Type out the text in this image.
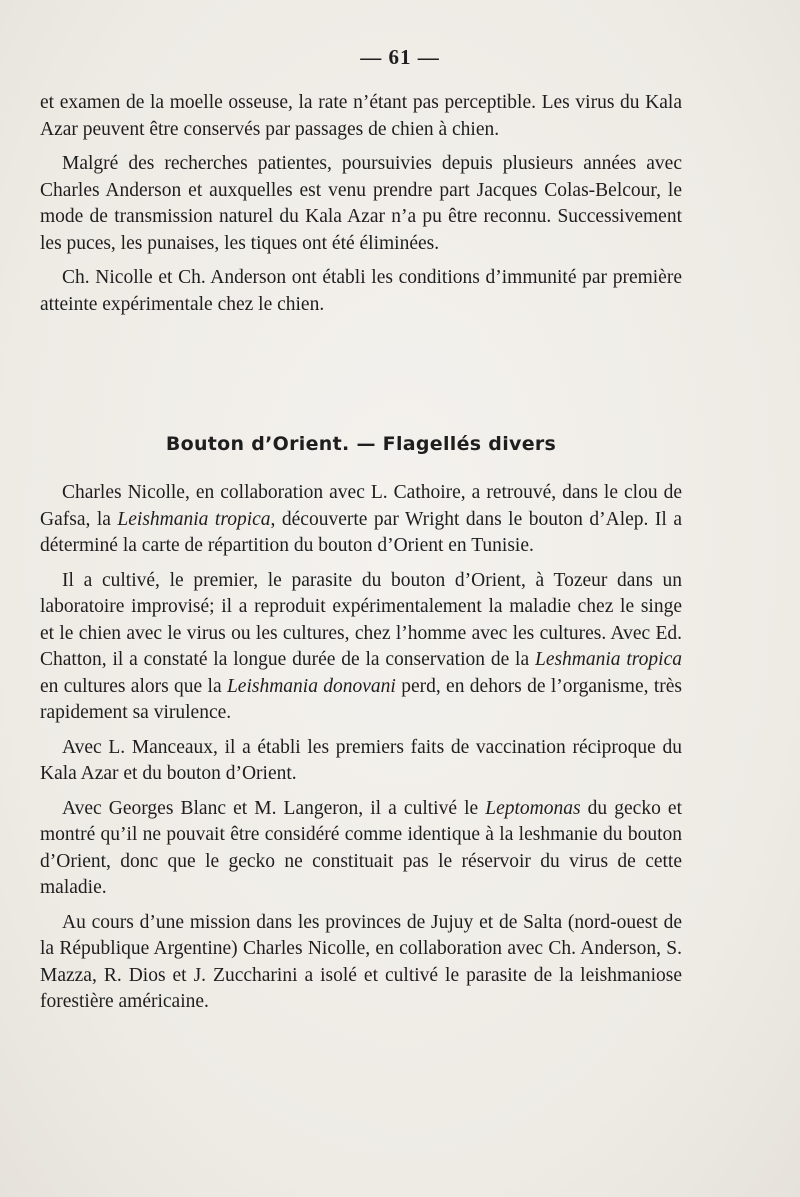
— 61 —

et examen de la moelle osseuse, la rate n’étant pas perceptible. Les virus du Kala Azar peuvent être conservés par passages de chien à chien.

Malgré des recherches patientes, poursuivies depuis plusieurs années avec Charles Anderson et auxquelles est venu prendre part Jacques Colas-Belcour, le mode de transmission naturel du Kala Azar n’a pu être reconnu. Successivement les puces, les punaises, les tiques ont été éliminées.

Ch. Nicolle et Ch. Anderson ont établi les conditions d’immunité par première atteinte expérimentale chez le chien.

Bouton d’Orient. — Flagellés divers

Charles Nicolle, en collaboration avec L. Cathoire, a retrouvé, dans le clou de Gafsa, la Leishmania tropica, découverte par Wright dans le bouton d’Alep. Il a déterminé la carte de répartition du bouton d’Orient en Tunisie.

Il a cultivé, le premier, le parasite du bouton d’Orient, à Tozeur dans un laboratoire improvisé; il a reproduit expérimentalement la maladie chez le singe et le chien avec le virus ou les cultures, chez l’homme avec les cultures. Avec Ed. Chatton, il a constaté la longue durée de la conservation de la Leshmania tropica en cultures alors que la Leishmania donovani perd, en dehors de l’organisme, très rapidement sa virulence.

Avec L. Manceaux, il a établi les premiers faits de vaccination réciproque du Kala Azar et du bouton d’Orient.

Avec Georges Blanc et M. Langeron, il a cultivé le Leptomonas du gecko et montré qu’il ne pouvait être considéré comme identique à la leshmanie du bouton d’Orient, donc que le gecko ne constituait pas le réservoir du virus de cette maladie.

Au cours d’une mission dans les provinces de Jujuy et de Salta (nord-ouest de la République Argentine) Charles Nicolle, en collaboration avec Ch. Anderson, S. Mazza, R. Dios et J. Zuccharini a isolé et cultivé le parasite de la leishmaniose forestière américaine.
